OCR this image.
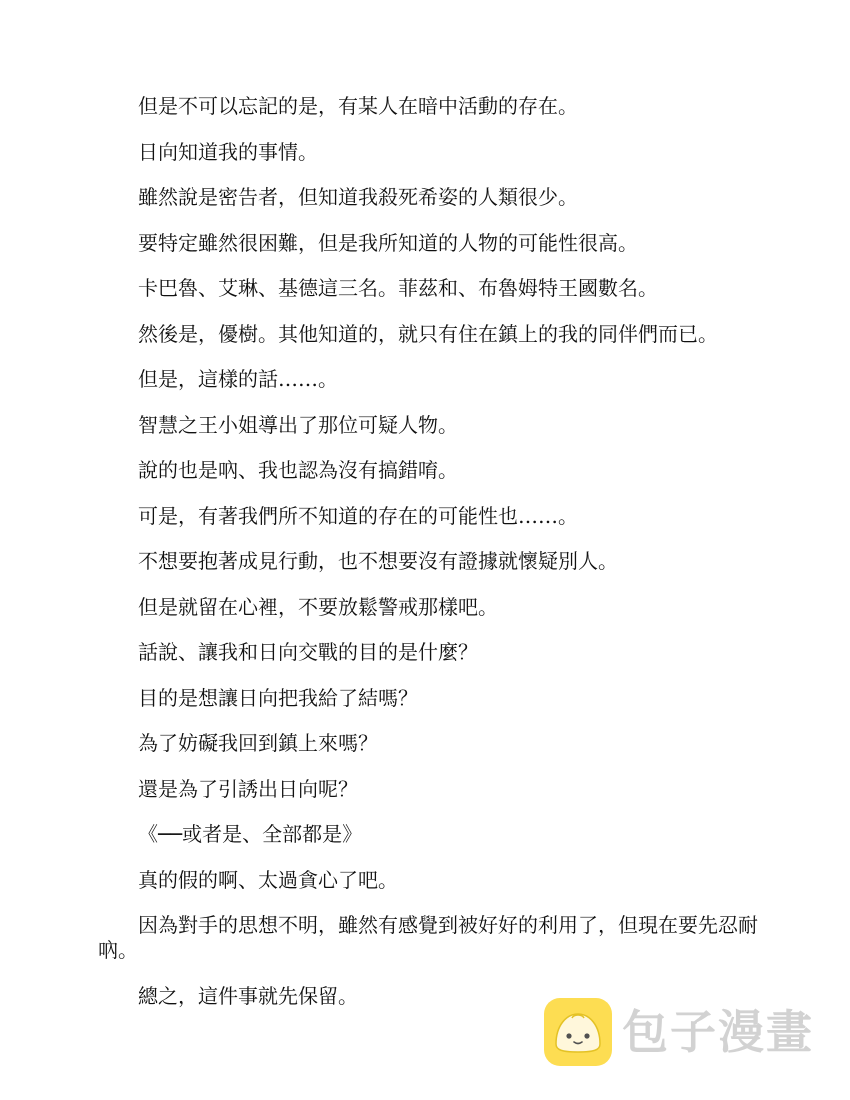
但是不可以忘記的是，有某人在暗中活動的存在。

日向知道我的事情。

雖然說是密告者，但知道我殺死希姿的人類很少。

要特定雖然很困難，但是我所知道的人物的可能性很高。

卡巴魯、艾琳、基德這三名。菲茲和、布魯姆特王國數名。

然後是，優樹。其他知道的，就只有住在鎮上的我的同伴們而已。

但是，這樣的話……。

智慧之王小姐導出了那位可疑人物。

說的也是吶、我也認為沒有搞錯唷。

可是，有著我們所不知道的存在的可能性也……。

不想要抱著成見行動，也不想要沒有證據就懷疑別人。

但是就留在心裡，不要放鬆警戒那樣吧。

話說、讓我和日向交戰的目的是什麼？

目的是想讓日向把我給了結嗎？

為了妨礙我回到鎮上來嗎？

還是為了引誘出日向呢？

《──或者是、全部都是》

真的假的啊、太過貪心了吧。

因為對手的思想不明，雖然有感覺到被好好的利用了，但現在要先忍耐吶。

總之，這件事就先保留。

包子漫畫
